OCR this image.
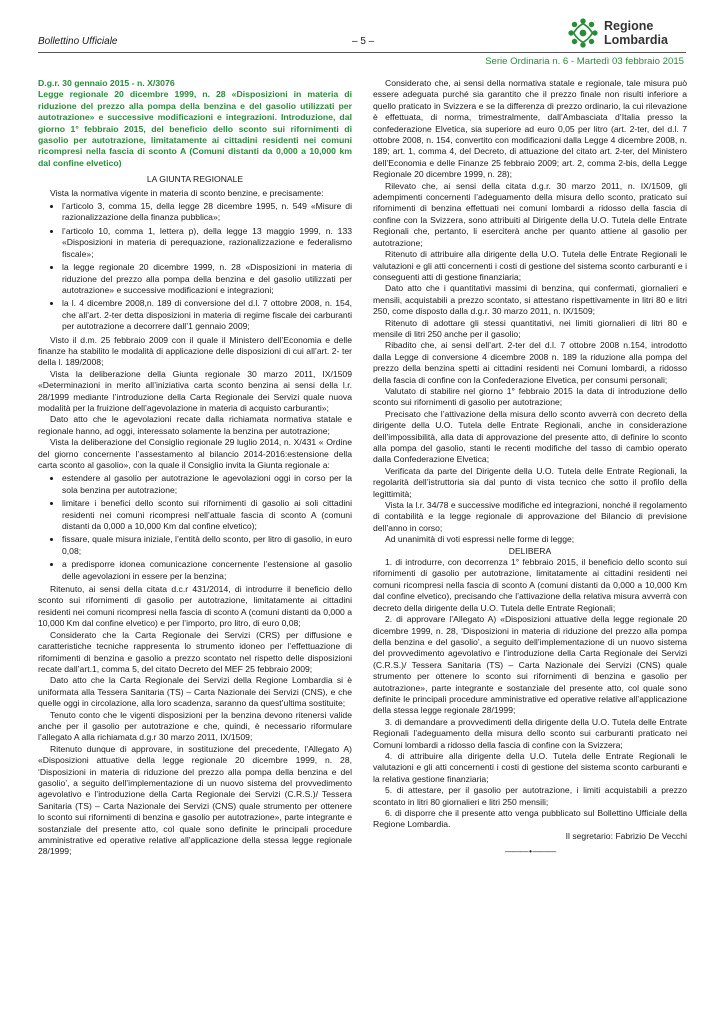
Bollettino Ufficiale	– 5 –
Regione
Lombardia
Serie Ordinaria n. 6 - Martedì 03 febbraio 2015

D.g.r. 30 gennaio 2015 - n. X/3076

Legge regionale 20 dicembre 1999, n. 28 «Disposizioni in materia di riduzione del prezzo alla pompa della benzina e del gasolio utilizzati per autotrazione» e successive modificazioni e integrazioni. Introduzione, dal giorno 1° febbraio 2015, del beneficio dello sconto sui rifornimenti di gasolio per autotrazione, limitatamente ai cittadini residenti nei comuni ricompresi nella fascia di sconto A (Comuni distanti da 0,000 a 10,000 km dal confine elvetico)

LA GIUNTA REGIONALE

Vista la normativa vigente in materia di sconto benzine, e precisamente:

• l’articolo 3, comma 15, della legge 28 dicembre 1995, n. 549 «Misure di razionalizzazione della finanza pubblica»;
• l’articolo 10, comma 1, lettera p), della legge 13 maggio 1999, n. 133 «Disposizioni in materia di perequazione, razionalizzazione e federalismo fiscale»;
• la legge regionale 20 dicembre 1999, n. 28 «Disposizioni in materia di riduzione del prezzo alla pompa della benzina e del gasolio utilizzati per autotrazione» e successive modificazioni e integrazioni;
• la l. 4 dicembre 2008,n. 189 di conversione del d.l. 7 ottobre 2008, n. 154, che all’art. 2-ter detta disposizioni in materia di regime fiscale dei carburanti per autotrazione a decorrere dall’1 gennaio 2009;

Visto il d.m. 25 febbraio 2009 con il quale il Ministero dell’Economia e delle finanze ha stabilito le modalità di applicazione delle disposizioni di cui all’art. 2- ter della l. 189/2008;

Vista la deliberazione della Giunta regionale 30 marzo 2011, IX/1509 «Determinazioni in merito all’iniziativa carta sconto benzina ai sensi della l.r. 28/1999 mediante l’introduzione della Carta Regionale dei Servizi quale nuova modalità per la fruizione dell’agevolazione in materia di acquisto carburanti»;

Dato atto che le agevolazioni recate dalla richiamata normativa statale e regionale hanno, ad oggi, interessato solamente la benzina per autotrazione;

Vista la deliberazione del Consiglio regionale 29 luglio 2014, n. X/431 « Ordine del giorno concernente l’assestamento al bilancio 2014-2016:estensione della carta sconto al gasolio», con la quale il Consiglio invita la Giunta regionale a:

• estendere al gasolio per autotrazione le agevolazioni oggi in corso per la sola benzina per autotrazione;
• limitare i benefici dello sconto sui rifornimenti di gasolio ai soli cittadini residenti nei comuni ricompresi nell’attuale fascia di sconto A (comuni distanti da 0,000 a 10,000 Km dal confine elvetico);
• fissare, quale misura iniziale, l’entità dello sconto, per litro di gasolio, in euro 0,08;
• a predisporre idonea comunicazione concernente l’estensione al gasolio delle agevolazioni in essere per la benzina;

Ritenuto, ai sensi della citata d.c.r 431/2014, di introdurre il beneficio dello sconto sui rifornimenti di gasolio per autotrazione, limitatamente ai cittadini residenti nei comuni ricompresi nella fascia di sconto A (comuni distanti da 0,000 a 10,000 Km dal confine elvetico) e per l’importo, pro litro, di euro 0,08;

Considerato che la Carta Regionale dei Servizi (CRS) per diffusione e caratteristiche tecniche rappresenta lo strumento idoneo per l’effettuazione di rifornimenti di benzina e gasolio a prezzo scontato nel rispetto delle disposizioni recate dall’art.1, comma 5, del citato Decreto del MEF 25 febbraio 2009;

Dato atto che la Carta Regionale dei Servizi della Regione Lombardia si è uniformata alla Tessera Sanitaria (TS) – Carta Nazionale dei Servizi (CNS), e che quelle oggi in circolazione, alla loro scadenza, saranno da quest’ultima sostituite;

Tenuto conto che le vigenti disposizioni per la benzina devono ritenersi valide anche per il gasolio per autotrazione e che, quindi, è necessario riformulare l’allegato A alla richiamata d.g.r 30 marzo 2011, IX/1509;

Ritenuto dunque di approvare, in sostituzione del precedente, l’Allegato A) «Disposizioni attuative della legge regionale 20 dicembre 1999, n. 28, ‘Disposizioni in materia di riduzione del prezzo alla pompa della benzina e del gasolio’, a seguito dell’implementazione di un nuovo sistema del provvedimento agevolativo e l’introduzione della Carta Regionale dei Servizi (C.R.S.)/ Tessera Sanitaria (TS) – Carta Nazionale dei Servizi (CNS) quale strumento per ottenere lo sconto sui rifornimenti di benzina e gasolio per autotrazione», parte integrante e sostanziale del presente atto, col quale sono definite le principali procedure amministrative ed operative relative all’applicazione della stessa legge regionale 28/1999;

Considerato che, ai sensi della normativa statale e regionale, tale misura può essere adeguata purché sia garantito che il prezzo finale non risulti inferiore a quello praticato in Svizzera e se la differenza di prezzo ordinario, la cui rilevazione è effettuata, di norma, trimestralmente, dall’Ambasciata d’Italia presso la confederazione Elvetica, sia superiore ad euro 0,05 per litro (art. 2-ter, del d.l. 7 ottobre 2008, n. 154, convertito con modificazioni dalla Legge 4 dicembre 2008, n. 189; art. 1, comma 4, del Decreto, di attuazione del citato art. 2-ter, del Ministero dell’Economia e delle Finanze 25 febbraio 2009; art. 2, comma 2-bis, della Legge Regionale 20 dicembre 1999, n. 28);

Rilevato che, ai sensi della citata d.g.r. 30 marzo 2011, n. IX/1509, gli adempimenti concernenti l’adeguamento della misura dello sconto, praticato sui rifornimenti di benzina effettuati nei comuni lombardi a ridosso della fascia di confine con la Svizzera, sono attribuiti al Dirigente della U.O. Tutela delle Entrate Regionali che, pertanto, li eserciterà anche per quanto attiene al gasolio per autotrazione;

Ritenuto di attribuire alla dirigente della U.O. Tutela delle Entrate Regionali le valutazioni e gli atti concernenti i costi di gestione del sistema sconto carburanti e i conseguenti atti di gestione finanziaria;

Dato atto che i quantitativi massimi di benzina, qui confermati, giornalieri e mensili, acquistabili a prezzo scontato, si attestano rispettivamente in litri 80 e litri 250, come disposto dalla d.g.r. 30 marzo 2011, n. IX/1509;

Ritenuto di adottare gli stessi quantitativi, nei limiti giornalieri di litri 80 e mensile di litri 250 anche per il gasolio;

Ribadito che, ai sensi dell’art. 2-ter del d.l. 7 ottobre 2008 n.154, introdotto dalla Legge di conversione 4 dicembre 2008 n. 189 la riduzione alla pompa del prezzo della benzina spetti ai cittadini residenti nei Comuni lombardi, a ridosso della fascia di confine con la Confederazione Elvetica, per consumi personali;

Valutato di stabilire nel giorno 1° febbraio 2015 la data di introduzione dello sconto sui rifornimenti di gasolio per autotrazione;

Precisato che l’attivazione della misura dello sconto avverrà con decreto della dirigente della U.O. Tutela delle Entrate Regionali, anche in considerazione dell’impossibilità, alla data di approvazione del presente atto, di definire lo sconto alla pompa del gasolio, stanti le recenti modifiche del tasso di cambio operato dalla Confederazione Elvetica;

Verificata da parte del Dirigente della U.O. Tutela delle Entrate Regionali, la regolarità dell’istruttoria sia dal punto di vista tecnico che sotto il profilo della legittimità;

Vista la l.r. 34/78 e successive modifiche ed integrazioni, nonché il regolamento di contabilità e la legge regionale di approvazione del Bilancio di previsione dell’anno in corso;

Ad unanimità di voti espressi nelle forme di legge;

DELIBERA

1. di introdurre, con decorrenza 1° febbraio 2015, il beneficio dello sconto sui rifornimenti di gasolio per autotrazione, limitatamente ai cittadini residenti nei comuni ricompresi nella fascia di sconto A (comuni distanti da 0,000 a 10,000 Km dal confine elvetico), precisando che l’attivazione della relativa misura avverrà con decreto della dirigente della U.O. Tutela delle Entrate Regionali;

2. di approvare l’Allegato A) «Disposizioni attuative della legge regionale 20 dicembre 1999, n. 28, ‘Disposizioni in materia di riduzione del prezzo alla pompa della benzina e del gasolio’, a seguito dell’implementazione di un nuovo sistema del provvedimento agevolativo e l’introduzione della Carta Regionale dei Servizi (C.R.S.)/ Tessera Sanitaria (TS) – Carta Nazionale dei Servizi (CNS) quale strumento per ottenere lo sconto sui rifornimenti di benzina e gasolio per autotrazione», parte integrante e sostanziale del presente atto, col quale sono definite le principali procedure amministrative ed operative relative all’applicazione della stessa legge regionale 28/1999;

3. di demandare a provvedimenti della dirigente della U.O. Tutela delle Entrate Regionali l’adeguamento della misura dello sconto sui carburanti praticato nei Comuni lombardi a ridosso della fascia di confine con la Svizzera;

4. di attribuire alla dirigente della U.O. Tutela delle Entrate Regionali le valutazioni e gli atti concernenti i costi di gestione del sistema sconto carburanti e la relativa gestione finanziaria;

5. di attestare, per il gasolio per autotrazione, i limiti acquistabili a prezzo scontato in litri 80 giornalieri e litri 250 mensili;

6. di disporre che il presente atto venga pubblicato sul Bollettino Ufficiale della Regione Lombardia.

Il segretario: Fabrizio De Vecchi

——— • ———
